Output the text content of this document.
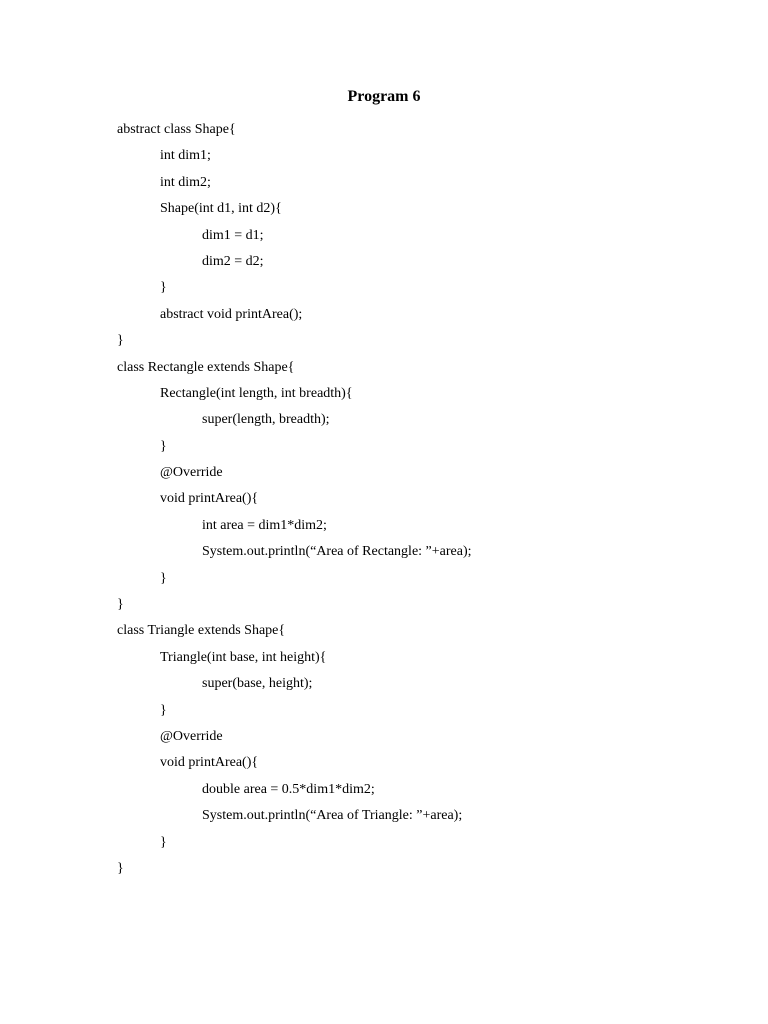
Program 6
abstract class Shape{
int dim1;
int dim2;
Shape(int d1, int d2){
dim1 = d1;
dim2 = d2;
}
abstract void printArea();
}
class Rectangle extends Shape{
Rectangle(int length, int breadth){
super(length, breadth);
}
@Override
void printArea(){
int area = dim1*dim2;
System.out.println(“Area of Rectangle: ”+area);
}
}
class Triangle extends Shape{
Triangle(int base, int height){
super(base, height);
}
@Override
void printArea(){
double area = 0.5*dim1*dim2;
System.out.println(“Area of Triangle: ”+area);
}
}
